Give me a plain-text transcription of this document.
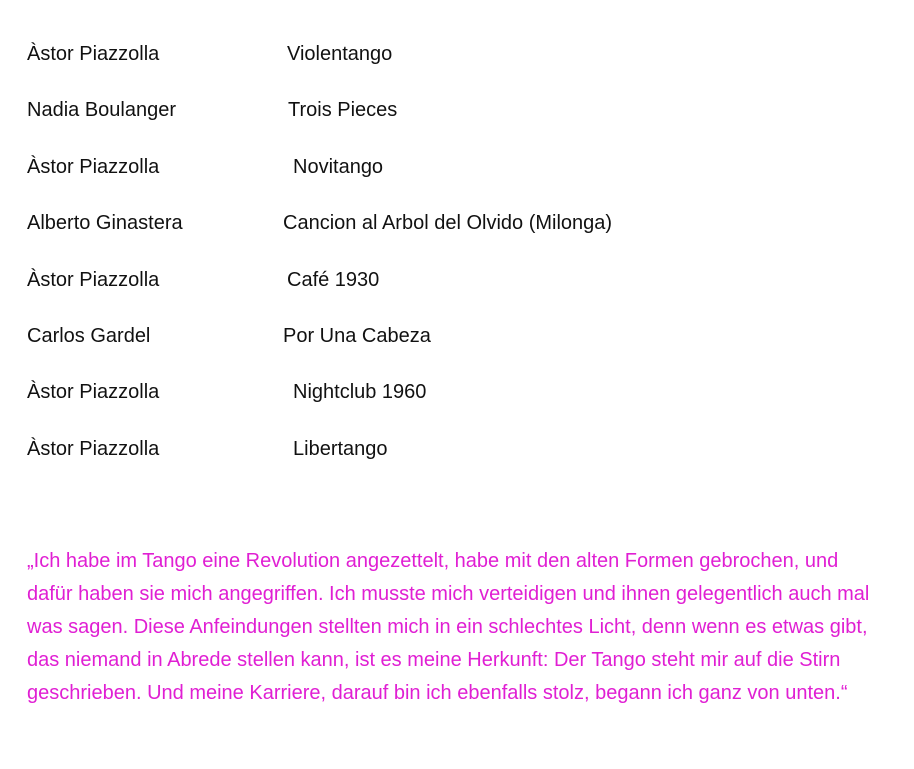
Àstor Piazzolla	Violentango
Nadia Boulanger	Trois Pieces
Àstor Piazzolla	Novitango
Alberto Ginastera	Cancion al Arbol del Olvido (Milonga)
Àstor Piazzolla	Café 1930
Carlos Gardel	Por Una Cabeza
Àstor Piazzolla	Nightclub 1960
Àstor Piazzolla	Libertango

„Ich habe im Tango eine Revolution angezettelt, habe mit den alten Formen gebrochen, und dafür haben sie mich angegriffen. Ich musste mich verteidigen und ihnen gelegentlich auch mal was sagen. Diese Anfeindungen stellten mich in ein schlechtes Licht, denn wenn es etwas gibt, das niemand in Abrede stellen kann, ist es meine Herkunft: Der Tango steht mir auf die Stirn geschrieben. Und meine Karriere, darauf bin ich ebenfalls stolz, begann ich ganz von unten.“
